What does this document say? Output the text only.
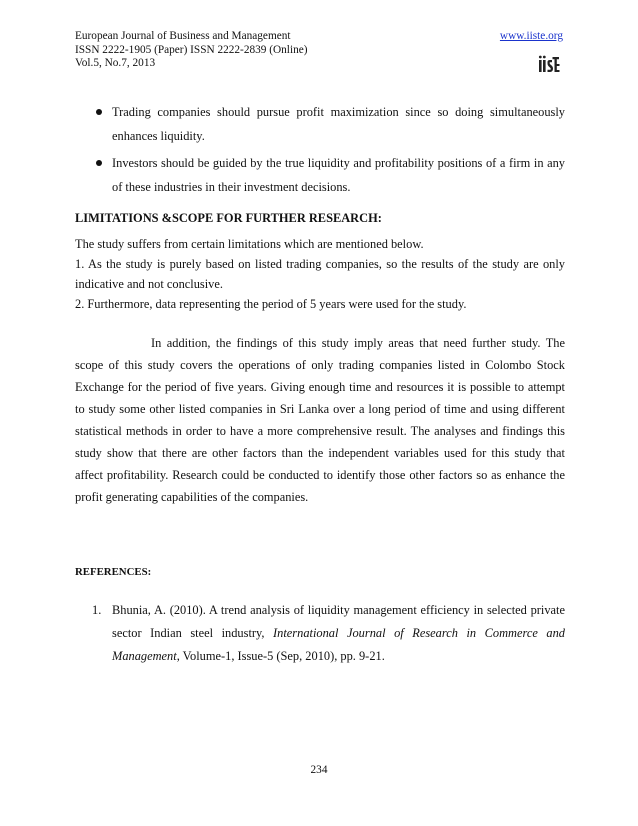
European Journal of Business and Management
ISSN 2222-1905 (Paper) ISSN 2222-2839 (Online)
Vol.5, No.7, 2013
www.iiste.org
Trading companies should pursue profit maximization since so doing simultaneously enhances liquidity.
Investors should be guided by the true liquidity and profitability positions of a firm in any of these industries in their investment decisions.
LIMITATIONS &SCOPE FOR FURTHER RESEARCH:
The study suffers from certain limitations which are mentioned below.
1. As the study is purely based on listed trading companies, so the results of the study are only indicative and not conclusive.
2. Furthermore, data representing the period of 5 years were used for the study.
In addition, the findings of this study imply areas that need further study. The scope of this study covers the operations of only trading companies listed in Colombo Stock Exchange for the period of five years. Giving enough time and resources it is possible to attempt to study some other listed companies in Sri Lanka over a long period of time and using different statistical methods in order to have a more comprehensive result. The analyses and findings this study show that there are other factors than the independent variables used for this study that affect profitability. Research could be conducted to identify those other factors so as enhance the profit generating capabilities of the companies.
REFERENCES:
1. Bhunia, A. (2010). A trend analysis of liquidity management efficiency in selected private sector Indian steel industry, International Journal of Research in Commerce and Management, Volume-1, Issue-5 (Sep, 2010), pp. 9-21.
234
